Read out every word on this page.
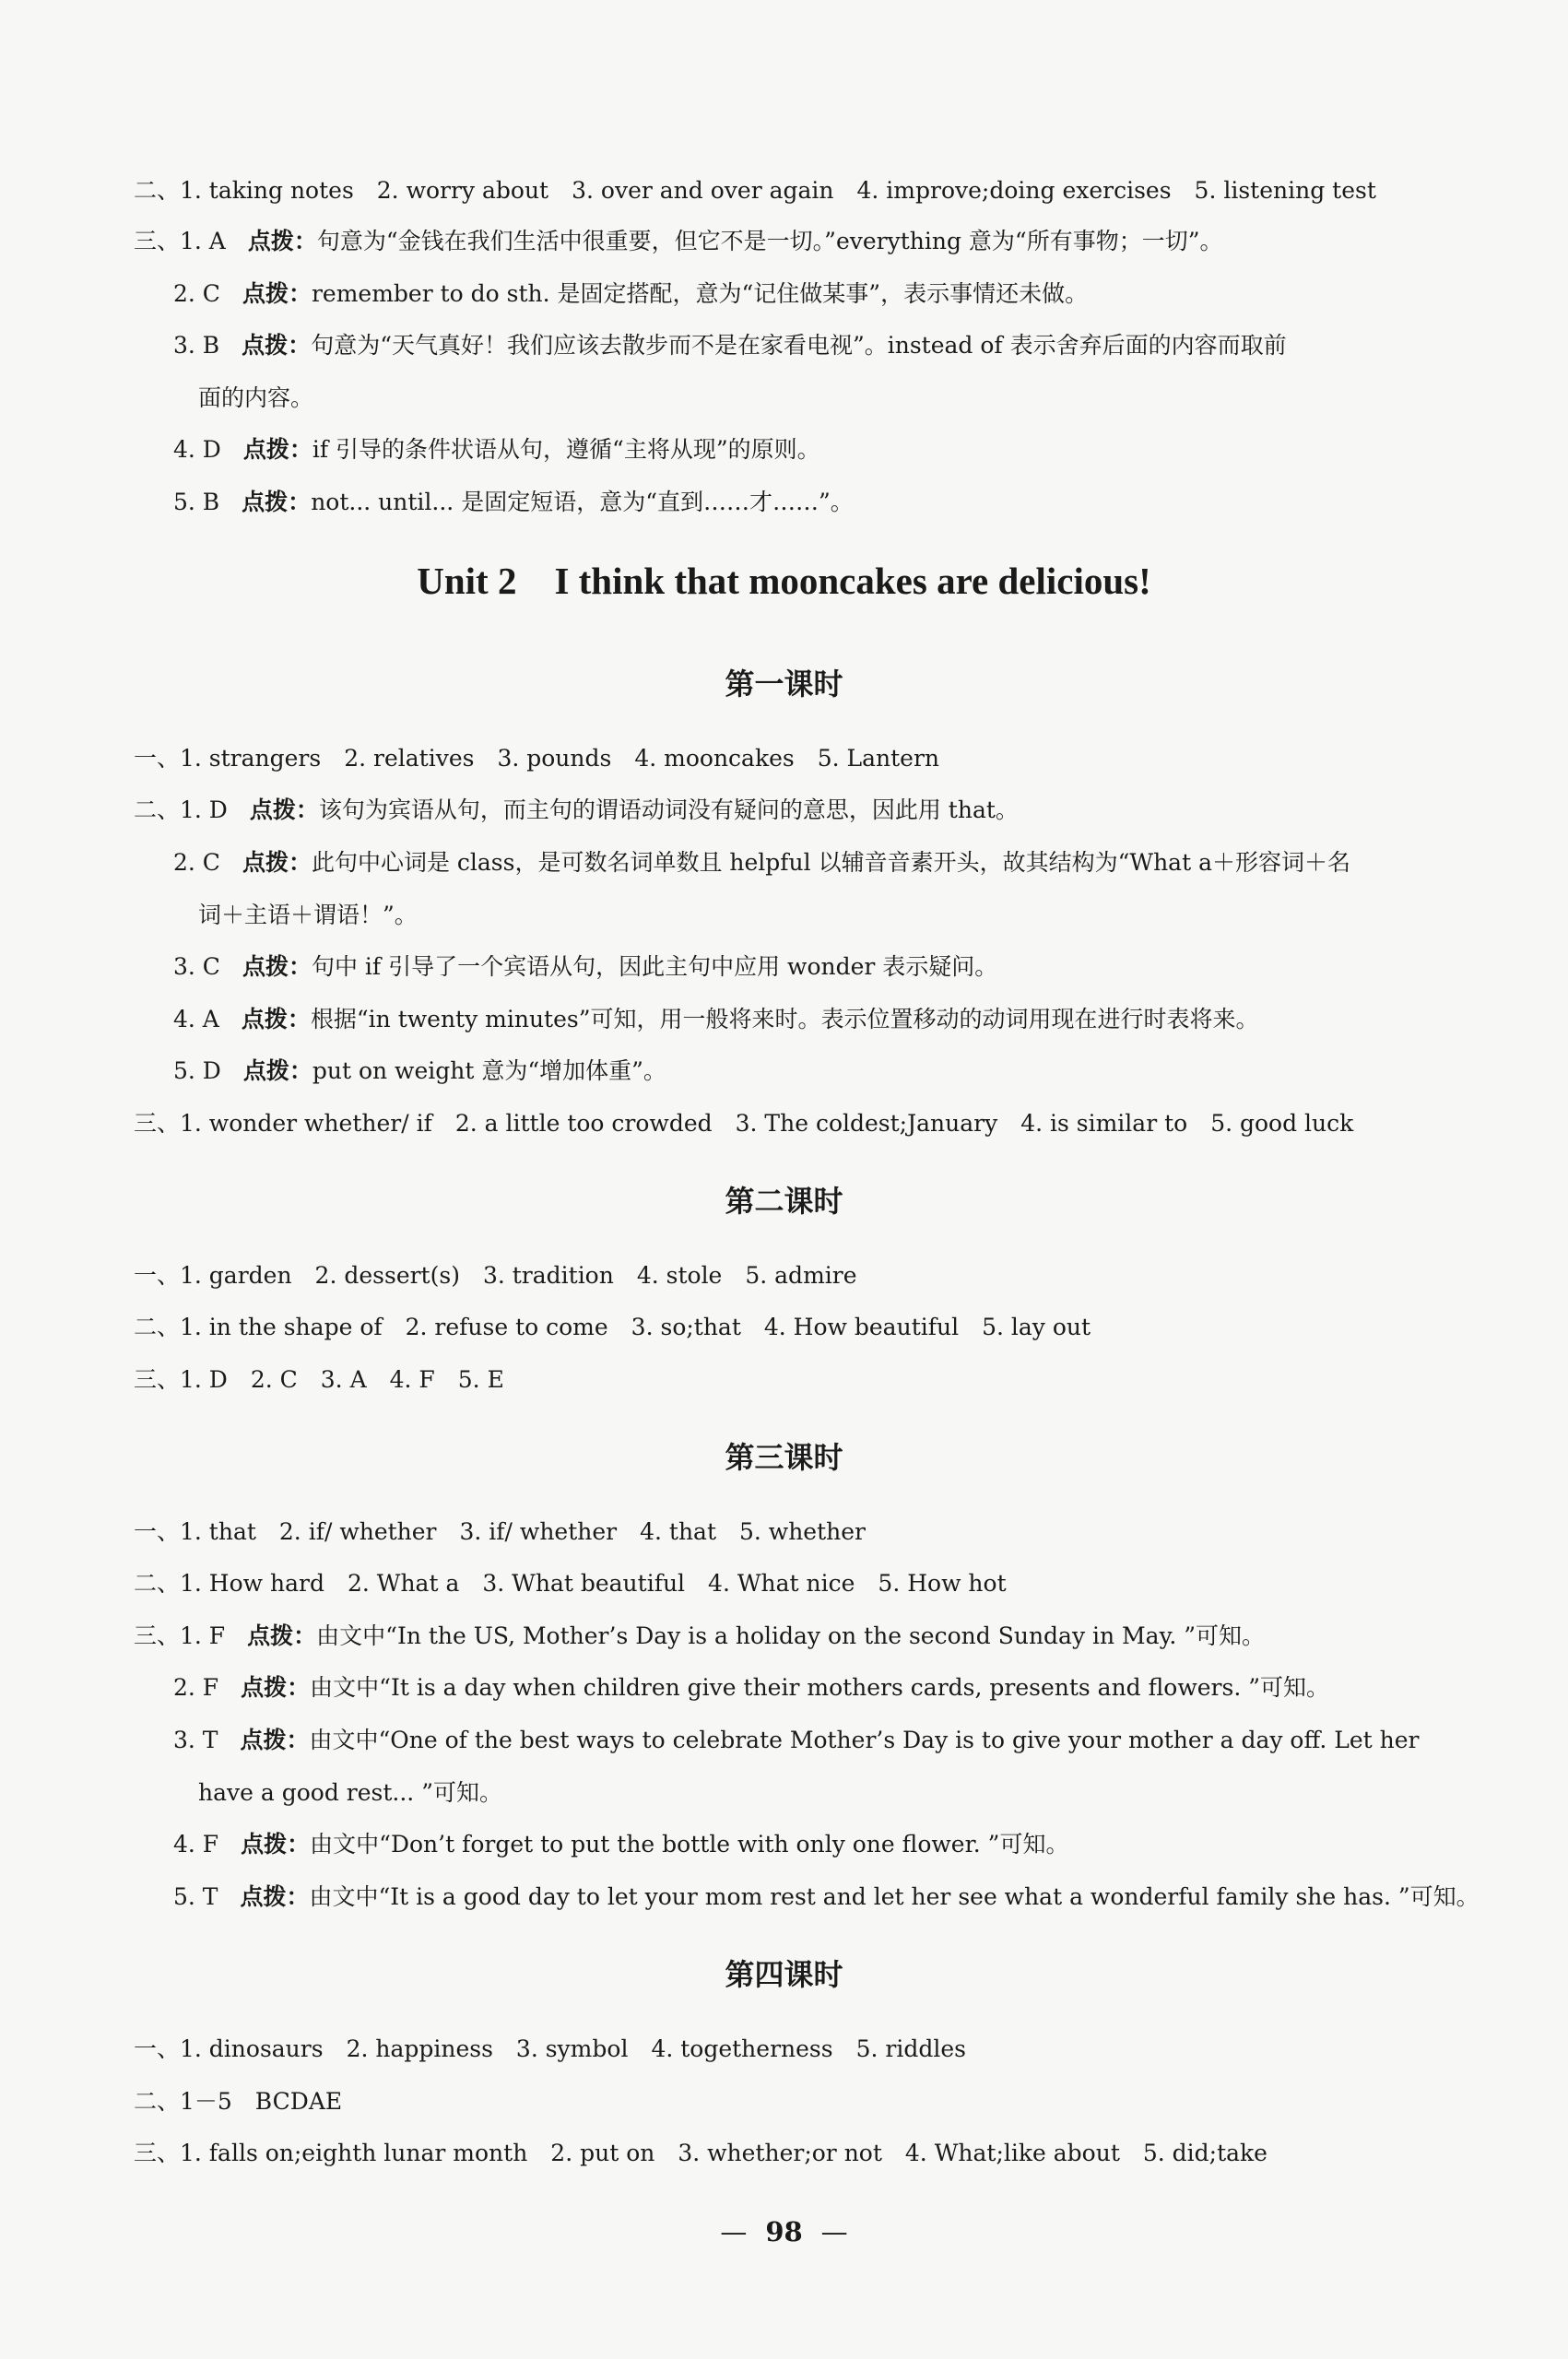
二、1. taking notes　2. worry about　3. over and over again　4. improve;doing exercises　5. listening test
三、1. A 点拨：句意为“金钱在我们生活中很重要，但它不是一切。”everything 意为“所有事物；一切”。
2. C 点拨：remember to do sth. 是固定搭配，意为“记住做某事”，表示事情还未做。
3. B 点拨：句意为“天气真好！我们应该去散步而不是在家看电视”。instead of 表示舍弃后面的内容而取前
面的内容。
4. D 点拨：if 引导的条件状语从句，遵循“主将从现”的原则。
5. B 点拨：not... until... 是固定短语，意为“直到……才……”。
Unit 2　I think that mooncakes are delicious!
第一课时
一、1. strangers　2. relatives　3. pounds　4. mooncakes　5. Lantern
二、1. D 点拨：该句为宾语从句，而主句的谓语动词没有疑问的意思，因此用 that。
2. C 点拨：此句中心词是 class，是可数名词单数且 helpful 以辅音音素开头，故其结构为“What a＋形容词＋名
词＋主语＋谓语！”。
3. C 点拨：句中 if 引导了一个宾语从句，因此主句中应用 wonder 表示疑问。
4. A 点拨：根据“in twenty minutes”可知，用一般将来时。表示位置移动的动词用现在进行时表将来。
5. D 点拨：put on weight 意为“增加体重”。
三、1. wonder whether/ if　2. a little too crowded　3. The coldest;January　4. is similar to　5. good luck
第二课时
一、1. garden　2. dessert(s)　3. tradition　4. stole　5. admire
二、1. in the shape of　2. refuse to come　3. so;that　4. How beautiful　5. lay out
三、1. D　2. C　3. A　4. F　5. E
第三课时
一、1. that　2. if/ whether　3. if/ whether　4. that　5. whether
二、1. How hard　2. What a　3. What beautiful　4. What nice　5. How hot
三、1. F 点拨：由文中“In the US, Mother’s Day is a holiday on the second Sunday in May. ”可知。
2. F 点拨：由文中“It is a day when children give their mothers cards, presents and flowers. ”可知。
3. T 点拨：由文中“One of the best ways to celebrate Mother’s Day is to give your mother a day off. Let her
have a good rest... ”可知。
4. F 点拨：由文中“Don’t forget to put the bottle with only one flower. ”可知。
5. T 点拨：由文中“It is a good day to let your mom rest and let her see what a wonderful family she has. ”可知。
第四课时
一、1. dinosaurs　2. happiness　3. symbol　4. togetherness　5. riddles
二、1－5　BCDAE
三、1. falls on;eighth lunar month　2. put on　3. whether;or not　4. What;like about　5. did;take
— 98 —
